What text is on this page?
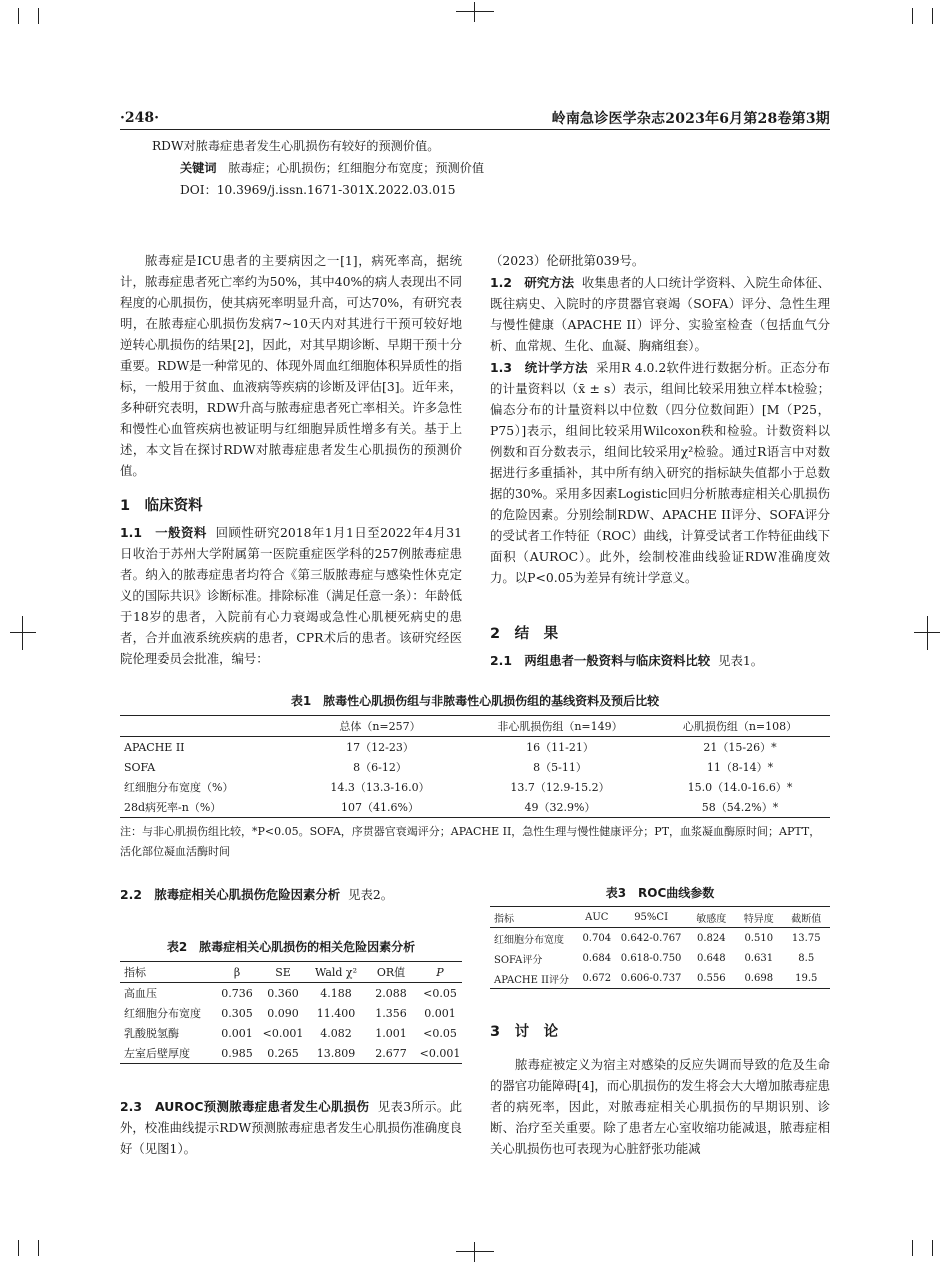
·248·	岭南急诊医学杂志2023年6月第28卷第3期
RDW对脓毒症患者发生心肌损伤有较好的预测价值。
关键词 脓毒症；心肌损伤；红细胞分布宽度；预测价值
DOI：10.3969/j.issn.1671-301X.2022.03.015

脓毒症是ICU患者的主要病因之一[1]，病死率高，据统计，脓毒症患者死亡率约为50%，其中40%的病人表现出不同程度的心肌损伤，使其病死率明显升高，可达70%，有研究表明，在脓毒症心肌损伤发病7~10天内对其进行干预可较好地逆转心肌损伤的结果[2]，因此，对其早期诊断、早期干预十分重要。RDW是一种常见的、体现外周血红细胞体积异质性的指标，一般用于贫血、血液病等疾病的诊断及评估[3]。近年来，多种研究表明，RDW升高与脓毒症患者死亡率相关。许多急性和慢性心血管疾病也被证明与红细胞异质性增多有关。基于上述，本文旨在探讨RDW对脓毒症患者发生心肌损伤的预测价值。

1　临床资料

1.1　一般资料 回顾性研究2018年1月1日至2022年4月31日收治于苏州大学附属第一医院重症医学科的257例脓毒症患者。纳入的脓毒症患者均符合《第三版脓毒症与感染性休克定义的国际共识》诊断标准。排除标准（满足任意一条）：年龄低于18岁的患者，入院前有心力衰竭或急性心肌梗死病史的患者，合并血液系统疾病的患者，CPR术后的患者。该研究经医院伦理委员会批准，编号：

（2023）伦研批第039号。

1.2　研究方法 收集患者的人口统计学资料、入院生命体征、既往病史、入院时的序贯器官衰竭（SOFA）评分、急性生理与慢性健康（APACHE II）评分、实验室检查（包括血气分析、血常规、生化、血凝、胸痛组套）。

1.3　统计学方法 采用R 4.0.2软件进行数据分析。正态分布的计量资料以（x̄ ± s）表示，组间比较采用独立样本t检验；偏态分布的计量资料以中位数（四分位数间距）[M（P25，P75）]表示，组间比较采用Wilcoxon秩和检验。计数资料以例数和百分数表示，组间比较采用χ²检验。通过R语言中对数据进行多重插补，其中所有纳入研究的指标缺失值都小于总数据的30%。采用多因素Logistic回归分析脓毒症相关心肌损伤的危险因素。分别绘制RDW、APACHE II评分、SOFA评分的受试者工作特征（ROC）曲线，计算受试者工作特征曲线下面积（AUROC）。此外，绘制校准曲线验证RDW准确度效力。以P<0.05为差异有统计学意义。

2　结　果

2.1　两组患者一般资料与临床资料比较 见表1。

表1　脓毒性心肌损伤组与非脓毒性心肌损伤组的基线资料及预后比较
	总体（n=257）	非心肌损伤组（n=149）	心肌损伤组（n=108）
APACHE II	17（12-23）	16（11-21）	21（15-26）*
SOFA	8（6-12）	8（5-11）	11（8-14）*
红细胞分布宽度（%）	14.3（13.3-16.0）	13.7（12.9-15.2）	15.0（14.0-16.6）*
28d病死率-n（%）	107（41.6%）	49（32.9%）	58（54.2%）*
注：与非心肌损伤组比较，*P<0.05。SOFA，序贯器官衰竭评分；APACHE II，急性生理与慢性健康评分；PT，血浆凝血酶原时间；APTT，
活化部位凝血活酶时间

2.2　脓毒症相关心肌损伤危险因素分析 见表2。

表2　脓毒症相关心肌损伤的相关危险因素分析
指标	β	SE	Wald χ²	OR值	P
高血压	0.736	0.360	4.188	2.088	<0.05
红细胞分布宽度	0.305	0.090	11.400	1.356	0.001
乳酸脱氢酶	0.001	<0.001	4.082	1.001	<0.05
左室后壁厚度	0.985	0.265	13.809	2.677	<0.001

2.3　AUROC预测脓毒症患者发生心肌损伤 见表3所示。此外，校准曲线提示RDW预测脓毒症患者发生心肌损伤准确度良好（见图1）。

表3　ROC曲线参数
指标	AUC	95%CI	敏感度	特异度	截断值
红细胞分布宽度	0.704	0.642-0.767	0.824	0.510	13.75
SOFA评分	0.684	0.618-0.750	0.648	0.631	8.5
APACHE II评分	0.672	0.606-0.737	0.556	0.698	19.5
3　讨　论

脓毒症被定义为宿主对感染的反应失调而导致的危及生命的器官功能障碍[4]，而心肌损伤的发生将会大大增加脓毒症患者的病死率，因此，对脓毒症相关心肌损伤的早期识别、诊断、治疗至关重要。除了患者左心室收缩功能减退，脓毒症相关心肌损伤也可表现为心脏舒张功能减
